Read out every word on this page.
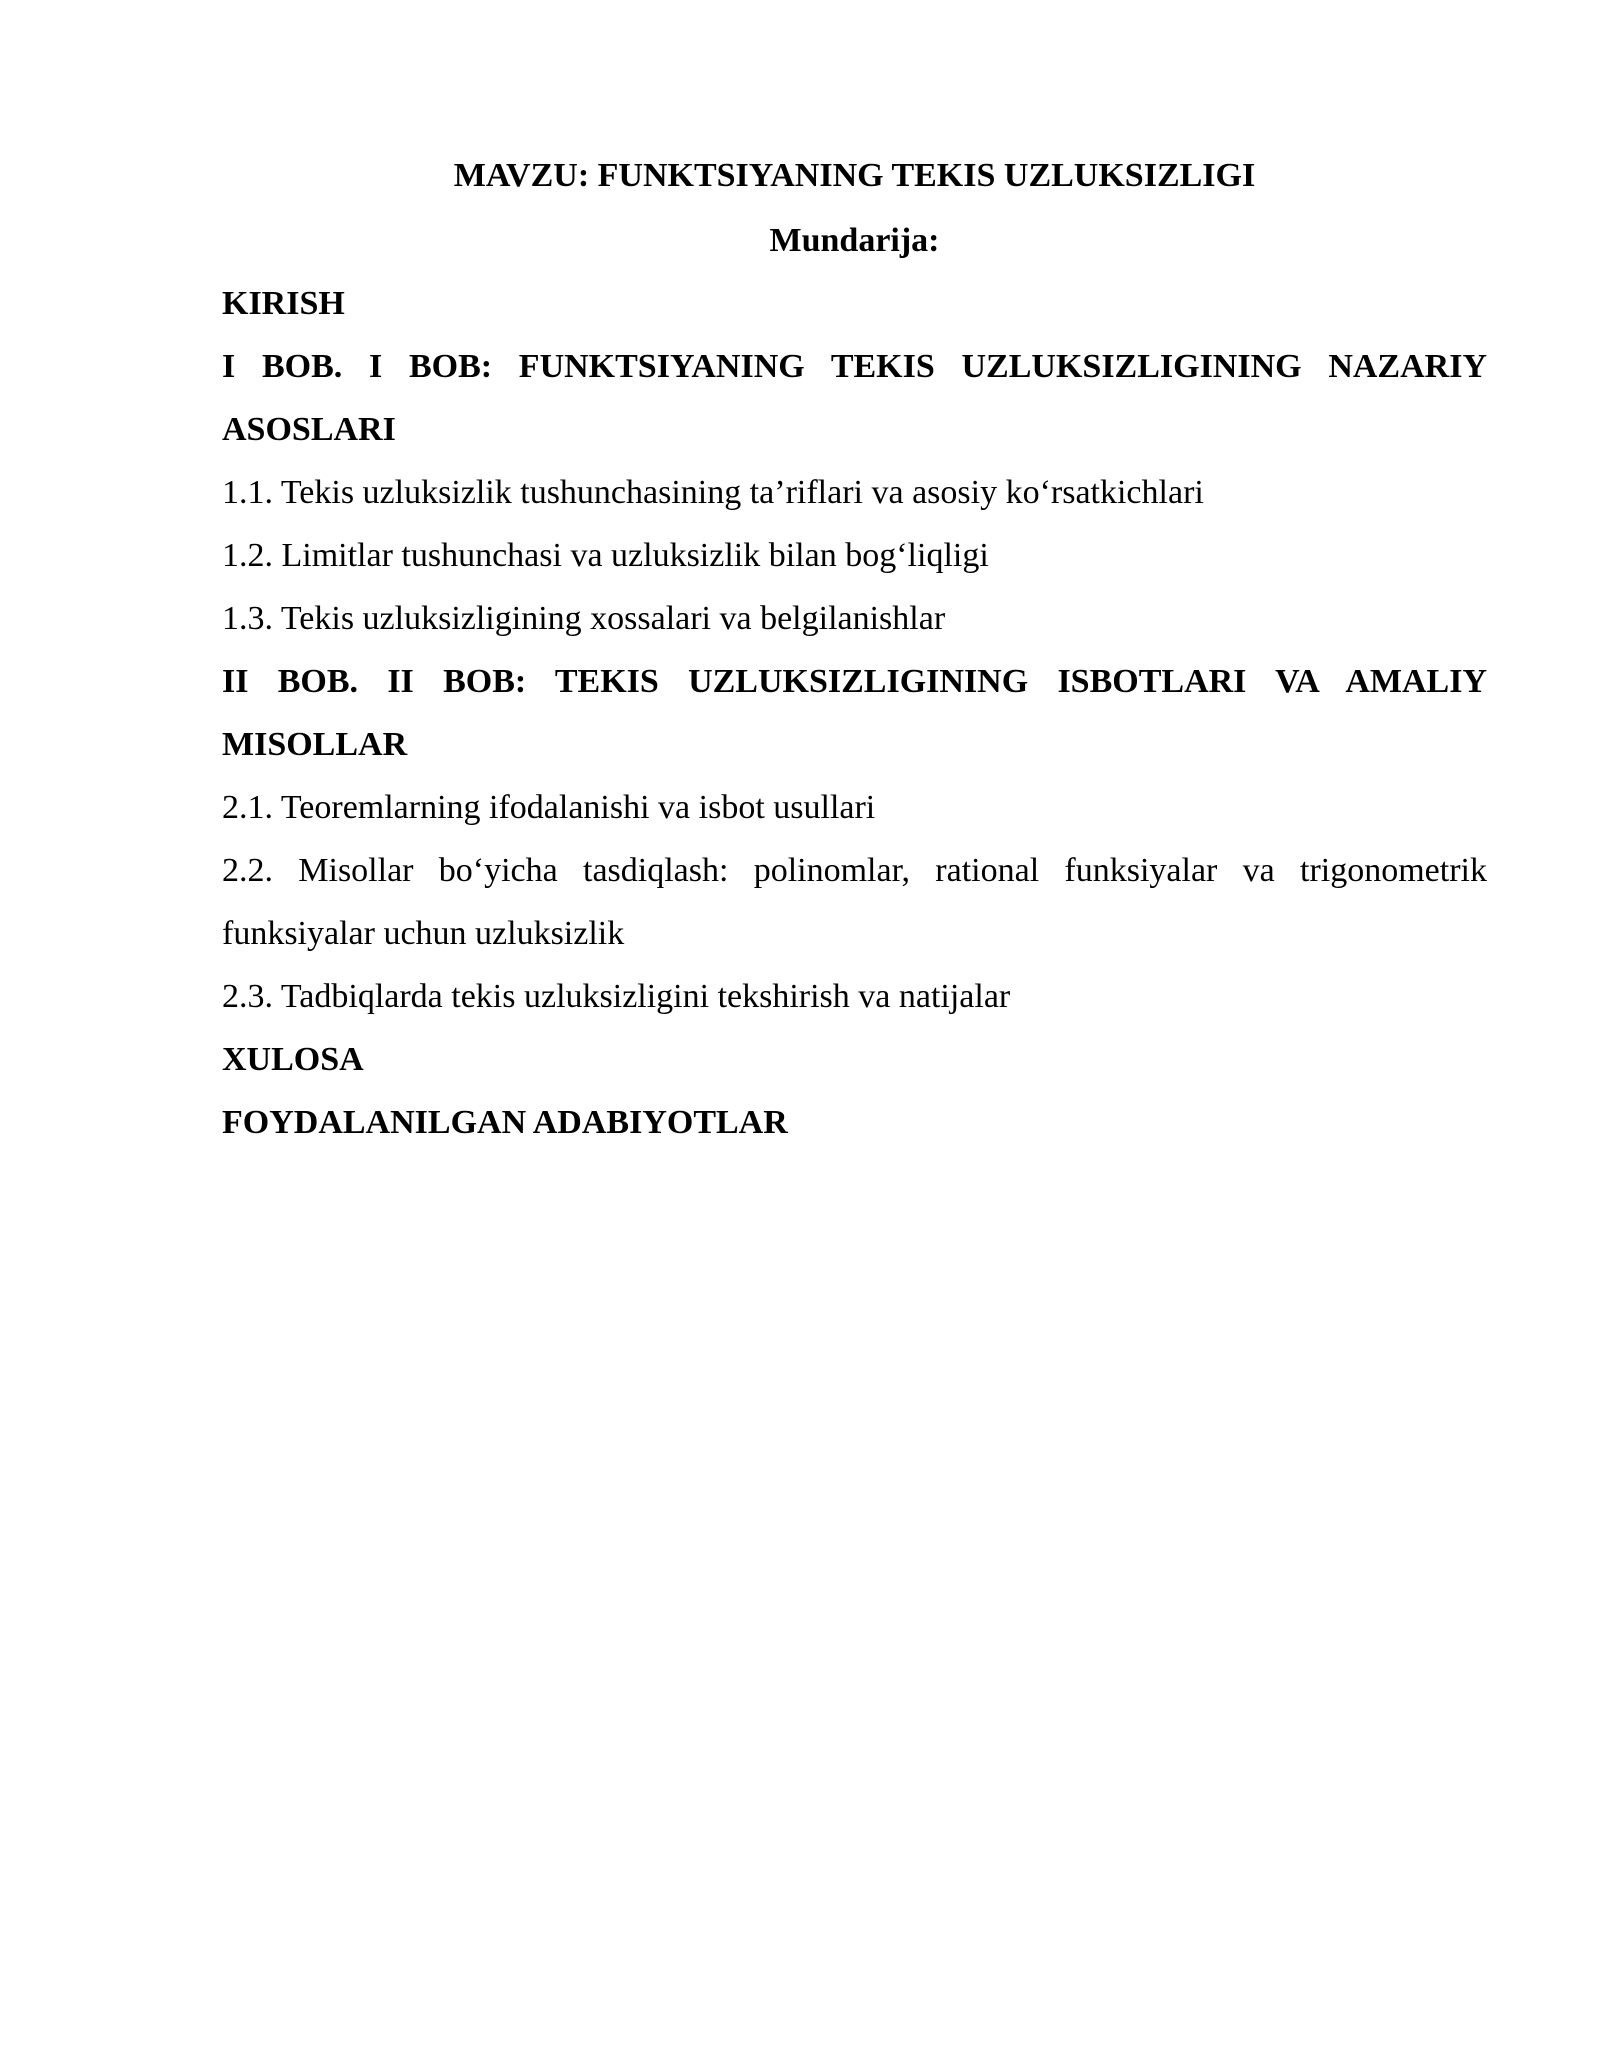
MAVZU: FUNKTSIYANING TEKIS UZLUKSIZLIGI

Mundarija:

KIRISH

I BOB. I BOB: FUNKTSIYANING TEKIS UZLUKSIZLIGINING NAZARIY ASOSLARI

1.1. Tekis uzluksizlik tushunchasining ta’riflari va asosiy ko‘rsatkichlari

1.2. Limitlar tushunchasi va uzluksizlik bilan bog‘liqligi

1.3. Tekis uzluksizligining xossalari va belgilanishlar

II BOB. II BOB: TEKIS UZLUKSIZLIGINING ISBOTLARI VA AMALIY MISOLLAR

2.1. Teoremlarning ifodalanishi va isbot usullari

2.2. Misollar bo‘yicha tasdiqlash: polinomlar, rational funksiyalar va trigonometrik funksiyalar uchun uzluksizlik

2.3. Tadbiqlarda tekis uzluksizligini tekshirish va natijalar

XULOSA

FOYDALANILGAN ADABIYOTLAR
